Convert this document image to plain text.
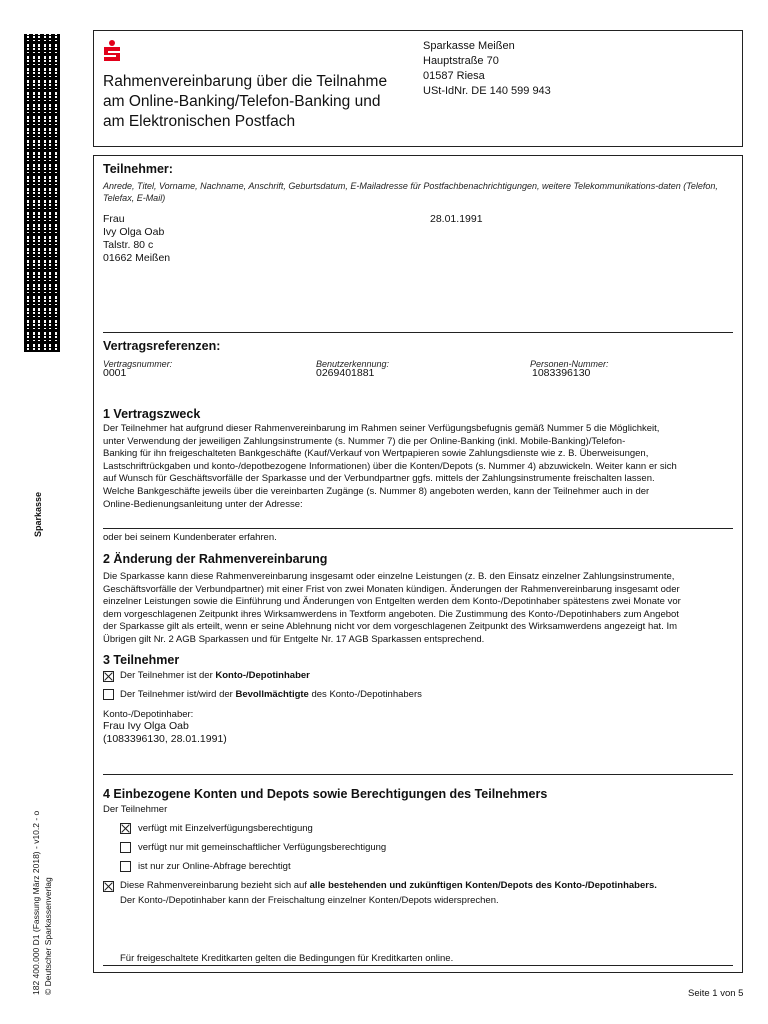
Sparkasse
182 400.000 D1 (Fassung März 2018) - v10.2 - o © Deutscher Sparkassenverlag
Rahmenvereinbarung über die Teilnahme
am Online-Banking/Telefon-Banking und
am Elektronischen Postfach
Sparkasse Meißen
Hauptstraße 70
01587 Riesa
USt-IdNr. DE 140 599 943
Teilnehmer:
Anrede, Titel, Vorname, Nachname, Anschrift, Geburtsdatum, E-Mailadresse für Postfachbenachrichtigungen, weitere Telekommunikations-daten (Telefon, Telefax, E-Mail)
Frau
Ivy Olga Oab
Talstr. 80 c
01662 Meißen
28.01.1991
Vertragsreferenzen:
Vertragsnummer:
0001
Benutzerkennung:
0269401881
Personen-Nummer:
1083396130
1 Vertragszweck
Der Teilnehmer hat aufgrund dieser Rahmenvereinbarung im Rahmen seiner Verfügungsbefugnis gemäß Nummer 5 die Möglichkeit,
unter Verwendung der jeweiligen Zahlungsinstrumente (s. Nummer 7) die per Online-Banking (inkl. Mobile-Banking)/Telefon-
Banking für ihn freigeschalteten Bankgeschäfte (Kauf/Verkauf von Wertpapieren sowie Zahlungsdienste wie z. B. Überweisungen,
Lastschriftrückgaben und konto-/depotbezogene Informationen) über die Konten/Depots (s. Nummer 4) abzuwickeln. Weiter kann er sich
auf Wunsch für Geschäftsvorfälle der Sparkasse und der Verbundpartner ggfs. mittels der Zahlungsinstrumente freischalten lassen.
Welche Bankgeschäfte jeweils über die vereinbarten Zugänge (s. Nummer 8) angeboten werden, kann der Teilnehmer auch in der
Online-Bedienungsanleitung unter der Adresse:
oder bei seinem Kundenberater erfahren.
2 Änderung der Rahmenvereinbarung
Die Sparkasse kann diese Rahmenvereinbarung insgesamt oder einzelne Leistungen (z. B. den Einsatz einzelner Zahlungsinstrumente,
Geschäftsvorfälle der Verbundpartner) mit einer Frist von zwei Monaten kündigen. Änderungen der Rahmenvereinbarung insgesamt oder
einzelner Leistungen sowie die Einführung und Änderungen von Entgelten werden dem Konto-/Depotinhaber spätestens zwei Monate vor
dem vorgeschlagenen Zeitpunkt ihres Wirksamwerdens in Textform angeboten. Die Zustimmung des Konto-/Depotinhabers zum Angebot
der Sparkasse gilt als erteilt, wenn er seine Ablehnung nicht vor dem vorgeschlagenen Zeitpunkt des Wirksamwerdens angezeigt hat. Im
Übrigen gilt Nr. 2 AGB Sparkassen und für Entgelte Nr. 17 AGB Sparkassen entsprechend.
3 Teilnehmer
Der Teilnehmer ist der Konto-/Depotinhaber
Der Teilnehmer ist/wird der Bevollmächtigte des Konto-/Depotinhabers
Konto-/Depotinhaber:
Frau Ivy Olga Oab
(1083396130, 28.01.1991)
4 Einbezogene Konten und Depots sowie Berechtigungen des Teilnehmers
Der Teilnehmer
verfügt mit Einzelverfügungsberechtigung
verfügt nur mit gemeinschaftlicher Verfügungsberechtigung
ist nur zur Online-Abfrage berechtigt
Diese Rahmenvereinbarung bezieht sich auf alle bestehenden und zukünftigen Konten/Depots des Konto-/Depotinhabers.
Der Konto-/Depotinhaber kann der Freischaltung einzelner Konten/Depots widersprechen.
Für freigeschaltete Kreditkarten gelten die Bedingungen für Kreditkarten online.
Seite 1 von 5
